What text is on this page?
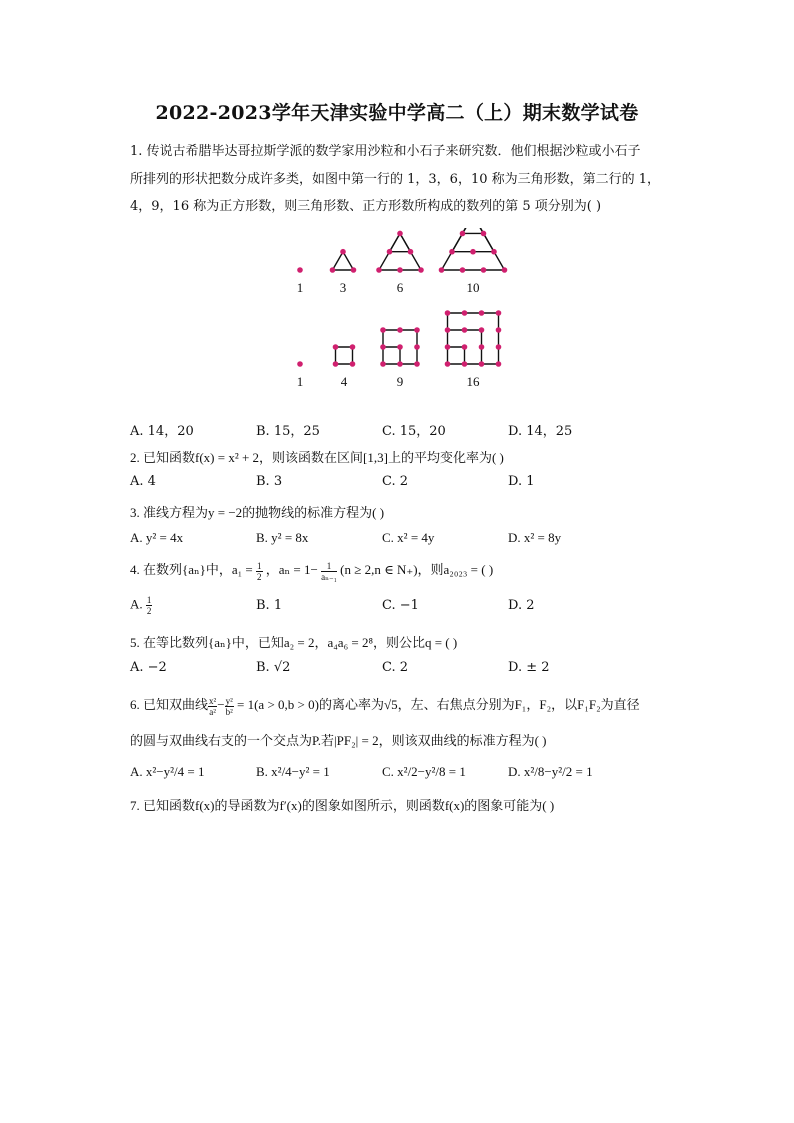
2022-2023学年天津实验中学高二（上）期末数学试卷
1. 传说古希腊毕达哥拉斯学派的数学家用沙粒和小石子来研究数．他们根据沙粒或小石子
所排列的形状把数分成许多类，如图中第一行的 1，3，6，10 称为三角形数，第二行的 1，
4，9，16 称为正方形数，则三角形数、正方形数所构成的数列的第 5 项分别为( )
1	3	6	10
1	4	9	16
A. 14，20	B. 15，25	C. 15，20	D. 14，25
2. 已知函数f(x) = x² + 2，则该函数在区间[1,3]上的平均变化率为( )
A. 4	B. 3	C. 2	D. 1
3. 准线方程为y = −2的抛物线的标准方程为( )
A. y² = 4x	B. y² = 8x	C. x² = 4y	D. x² = 8y
4. 在数列{aₙ}中，$a_1 = \frac{1}{2}$ ，$a_n = 1- \frac{1}{\text{aₙ₋₁}} (n \ge 2,n$ ∈ N₊)，则a₂₀₂₃ = ( )
A. $\frac{1}{2}$	B. 1	C. −1	D. 2
5. 在等比数列{aₙ}中，已知a₂ = 2，a₄a₆ = 2⁸，则公比q = ( )
A. −2	B. √2	C. 2	D. ± 2
6. 已知双曲线 $\frac{\text{x²}}{\text{a²}} - \frac{\text{y²}}{\text{b²}} = 1(a > 0,b > 0)$的离心率为√5，左、右焦点分别为F₁，F₂，以F₁F₂为直径
的圆与双曲线右支的一个交点为P.若|PF₂| = 2，则该双曲线的标准方程为( )
A. x²−y²/4 = 1	B. x²/4−y² = 1	C. x²/2−y²/8 = 1	D. x²/8−y²/2 = 1
7. 已知函数f(x)的导函数为f′(x)的图象如图所示，则函数f(x)的图象可能为( )
